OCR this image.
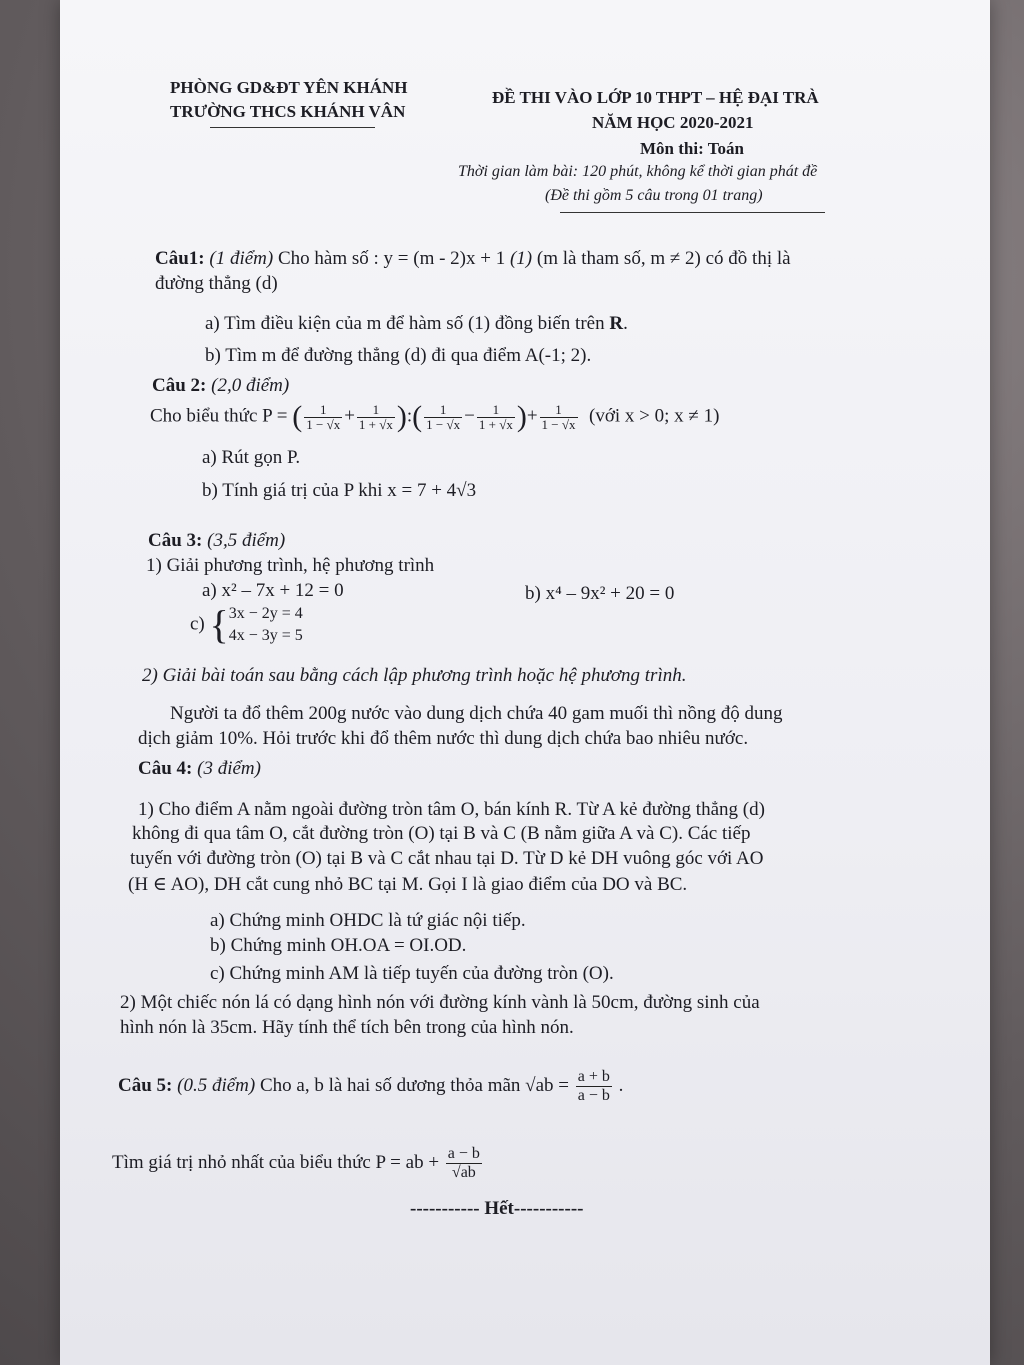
PHÒNG GD&ĐT YÊN KHÁNH
TRƯỜNG THCS KHÁNH VÂN
ĐỀ THI VÀO LỚP 10 THPT – HỆ ĐẠI TRÀ
NĂM HỌC 2020-2021
Môn thi: Toán
Thời gian làm bài: 120 phút, không kể thời gian phát đề
(Đề thi gồm 5 câu trong 01 trang)
Câu1: (1 điểm) Cho hàm số : y = (m - 2)x + 1 (1) (m là tham số, m ≠ 2) có đồ thị là
đường thẳng (d)
a) Tìm điều kiện của m để hàm số (1) đồng biến trên R.
b) Tìm m để đường thẳng (d) đi qua điểm A(-1; 2).
Câu 2: (2,0 điểm)
Cho biểu thức P = ( $\frac{1}{1 - √x} + \frac{1}{1 + √x}$ ):( $\frac{1}{1 - √x} - \frac{1}{1 + √x}$ )+ $\frac{1}{1 - √x}$ (với x > 0; x ≠ 1)
a) Rút gọn P.
b) Tính giá trị của P khi x = 7 + 4√3
Câu 3: (3,5 điểm)
1) Giải phương trình, hệ phương trình
a) x² – 7x + 12 = 0	b) x⁴ – 9x² + 20 = 0
c) { 3x − 2y = 4
4x − 3y = 5
2) Giải bài toán sau bằng cách lập phương trình hoặc hệ phương trình.
Người ta đổ thêm 200g nước vào dung dịch chứa 40 gam muối thì nồng độ dung
dịch giảm 10%. Hỏi trước khi đổ thêm nước thì dung dịch chứa bao nhiêu nước.
Câu 4: (3 điểm)
1) Cho điểm A nằm ngoài đường tròn tâm O, bán kính R. Từ A kẻ đường thẳng (d)
không đi qua tâm O, cắt đường tròn (O) tại B và C (B nằm giữa A và C). Các tiếp
tuyến với đường tròn (O) tại B và C cắt nhau tại D. Từ D kẻ DH vuông góc với AO
(H ∈ AO), DH cắt cung nhỏ BC tại M. Gọi I là giao điểm của DO và BC.
a) Chứng minh OHDC là tứ giác nội tiếp.
b) Chứng minh OH.OA = OI.OD.
c) Chứng minh AM là tiếp tuyến của đường tròn (O).
2) Một chiếc nón lá có dạng hình nón với đường kính vành là 50cm, đường sinh của
hình nón là 35cm. Hãy tính thể tích bên trong của hình nón.
Câu 5: (0.5 điểm) Cho a, b là hai số dương thỏa mãn $√ab = \frac{a + b}{a - b}$ .
Tìm giá trị nhỏ nhất của biểu thức P = ab + $\frac{a - b}{√ab}$
----------- Hết-----------
